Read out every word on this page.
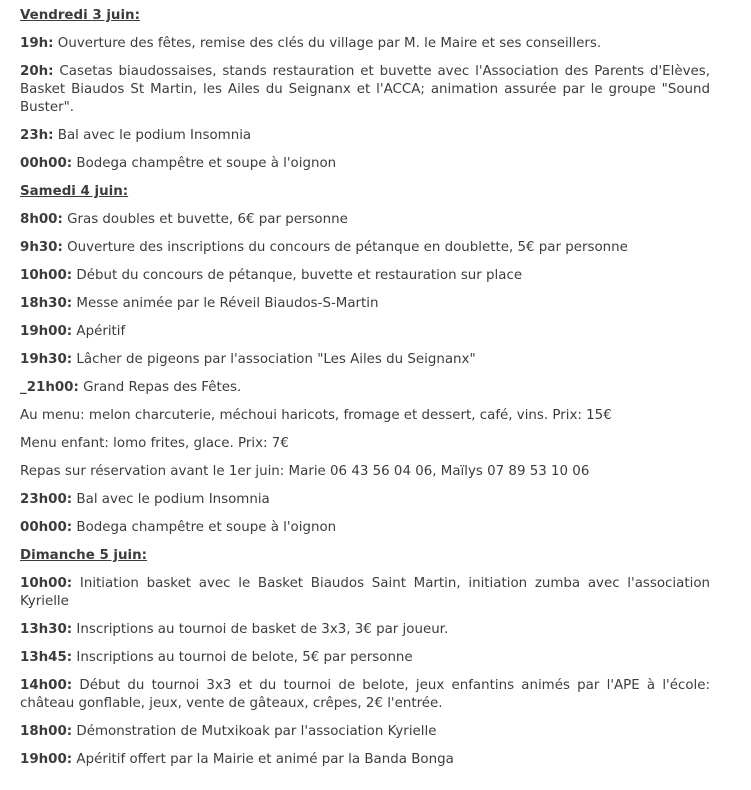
Vendredi 3 juin:
19h: Ouverture des fêtes, remise des clés du village par M. le Maire et ses conseillers.
20h: Casetas biaudossaises, stands restauration et buvette avec l'Association des Parents d'Elèves, Basket Biaudos St Martin, les Ailes du Seignanx et l'ACCA; animation assurée par le groupe "Sound Buster".
23h: Bal avec le podium Insomnia
00h00: Bodega champêtre et soupe à l'oignon
Samedi 4 juin:
8h00: Gras doubles et buvette, 6€ par personne
9h30: Ouverture des inscriptions du concours de pétanque en doublette, 5€ par personne
10h00: Début du concours de pétanque, buvette et restauration sur place
18h30: Messe animée par le Réveil Biaudos-S-Martin
19h00: Apéritif
19h30: Lâcher de pigeons par l'association "Les Ailes du Seignanx"
_21h00: Grand Repas des Fêtes.
Au menu: melon charcuterie, méchoui haricots, fromage et dessert, café, vins. Prix: 15€
Menu enfant: lomo frites, glace. Prix: 7€
Repas sur réservation avant le 1er juin: Marie 06 43 56 04 06, Maïlys 07 89 53 10 06
23h00: Bal avec le podium Insomnia
00h00: Bodega champêtre et soupe à l'oignon
Dimanche 5 juin:
10h00: Initiation basket avec le Basket Biaudos Saint Martin, initiation zumba avec l'association Kyrielle
13h30: Inscriptions au tournoi de basket de 3x3, 3€ par joueur.
13h45: Inscriptions au tournoi de belote, 5€ par personne
14h00: Début du tournoi 3x3 et du tournoi de belote, jeux enfantins animés par l'APE à l'école: château gonflable, jeux, vente de gâteaux, crêpes, 2€ l'entrée.
18h00: Démonstration de Mutxikoak par l'association Kyrielle
19h00: Apéritif offert par la Mairie et animé par la Banda Bonga
